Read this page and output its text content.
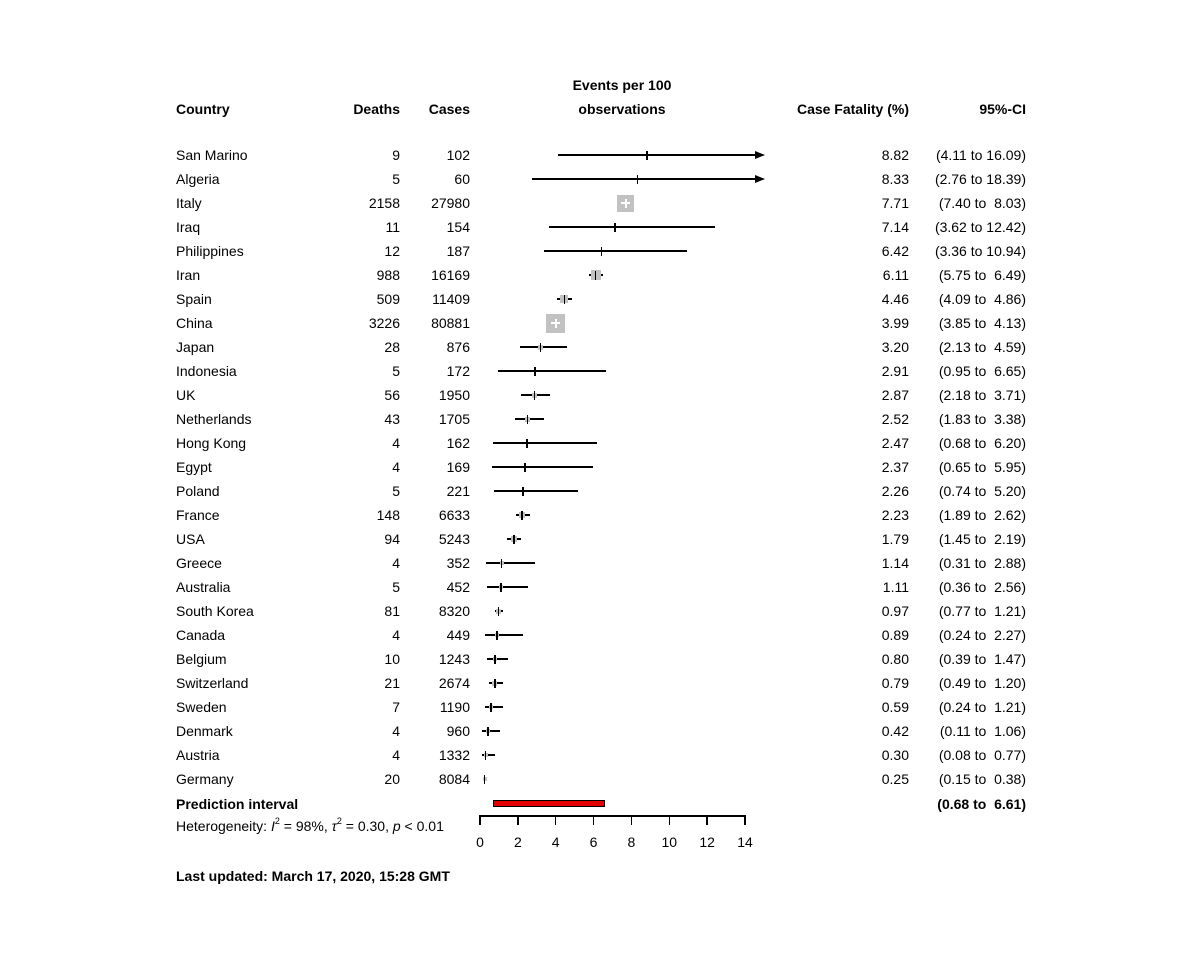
Events per 100
observations
Country	Deaths Cases	Case Fatality (%)	95%-CI
San Marino	9	102	8.82 (4.11 to 16.09)
Algeria	5	60	8.33 (2.76 to 18.39)
Italy	2158 27980	7.71 (7.40 to  8.03)
Iraq	11	154	7.14 (3.62 to 12.42)
Philippines	12	187	6.42 (3.36 to 10.94)
Iran	988 16169	6.11 (5.75 to  6.49)
Spain	509 11409	4.46 (4.09 to  4.86)
China	3226 80881	3.99 (3.85 to  4.13)
Japan	28	876	3.20 (2.13 to  4.59)
Indonesia	5	172	2.91 (0.95 to  6.65)
UK	56	1950	2.87 (2.18 to  3.71)
Netherlands	43	1705	2.52 (1.83 to  3.38)
Hong Kong	4	162	2.47 (0.68 to  6.20)
Egypt	4	169	2.37 (0.65 to  5.95)
Poland	5	221	2.26 (0.74 to  5.20)
France	148	6633	2.23 (1.89 to  2.62)
USA	94	5243	1.79 (1.45 to  2.19)
Greece	4	352	1.14 (0.31 to  2.88)
Australia	5	452	1.11 (0.36 to  2.56)
South Korea	81	8320	0.97 (0.77 to  1.21)
Canada	4	449	0.89 (0.24 to  2.27)
Belgium	10	1243	0.80 (0.39 to  1.47)
Switzerland	21	2674	0.79 (0.49 to  1.20)
Sweden	7	1190	0.59 (0.24 to  1.21)
Denmark	4	960	0.42 (0.11 to  1.06)
Austria	4	1332	0.30 (0.08 to  0.77)
Germany	20	8084	0.25 (0.15 to  0.38)
Prediction interval	(0.68 to  6.61)
Heterogeneity: $I^2 = 98\%$, $\tau^2 = 0.30$, p < 0.01
0	2	4	6	8	10	12	14
Last updated: March 17, 2020, 15:28 GMT
